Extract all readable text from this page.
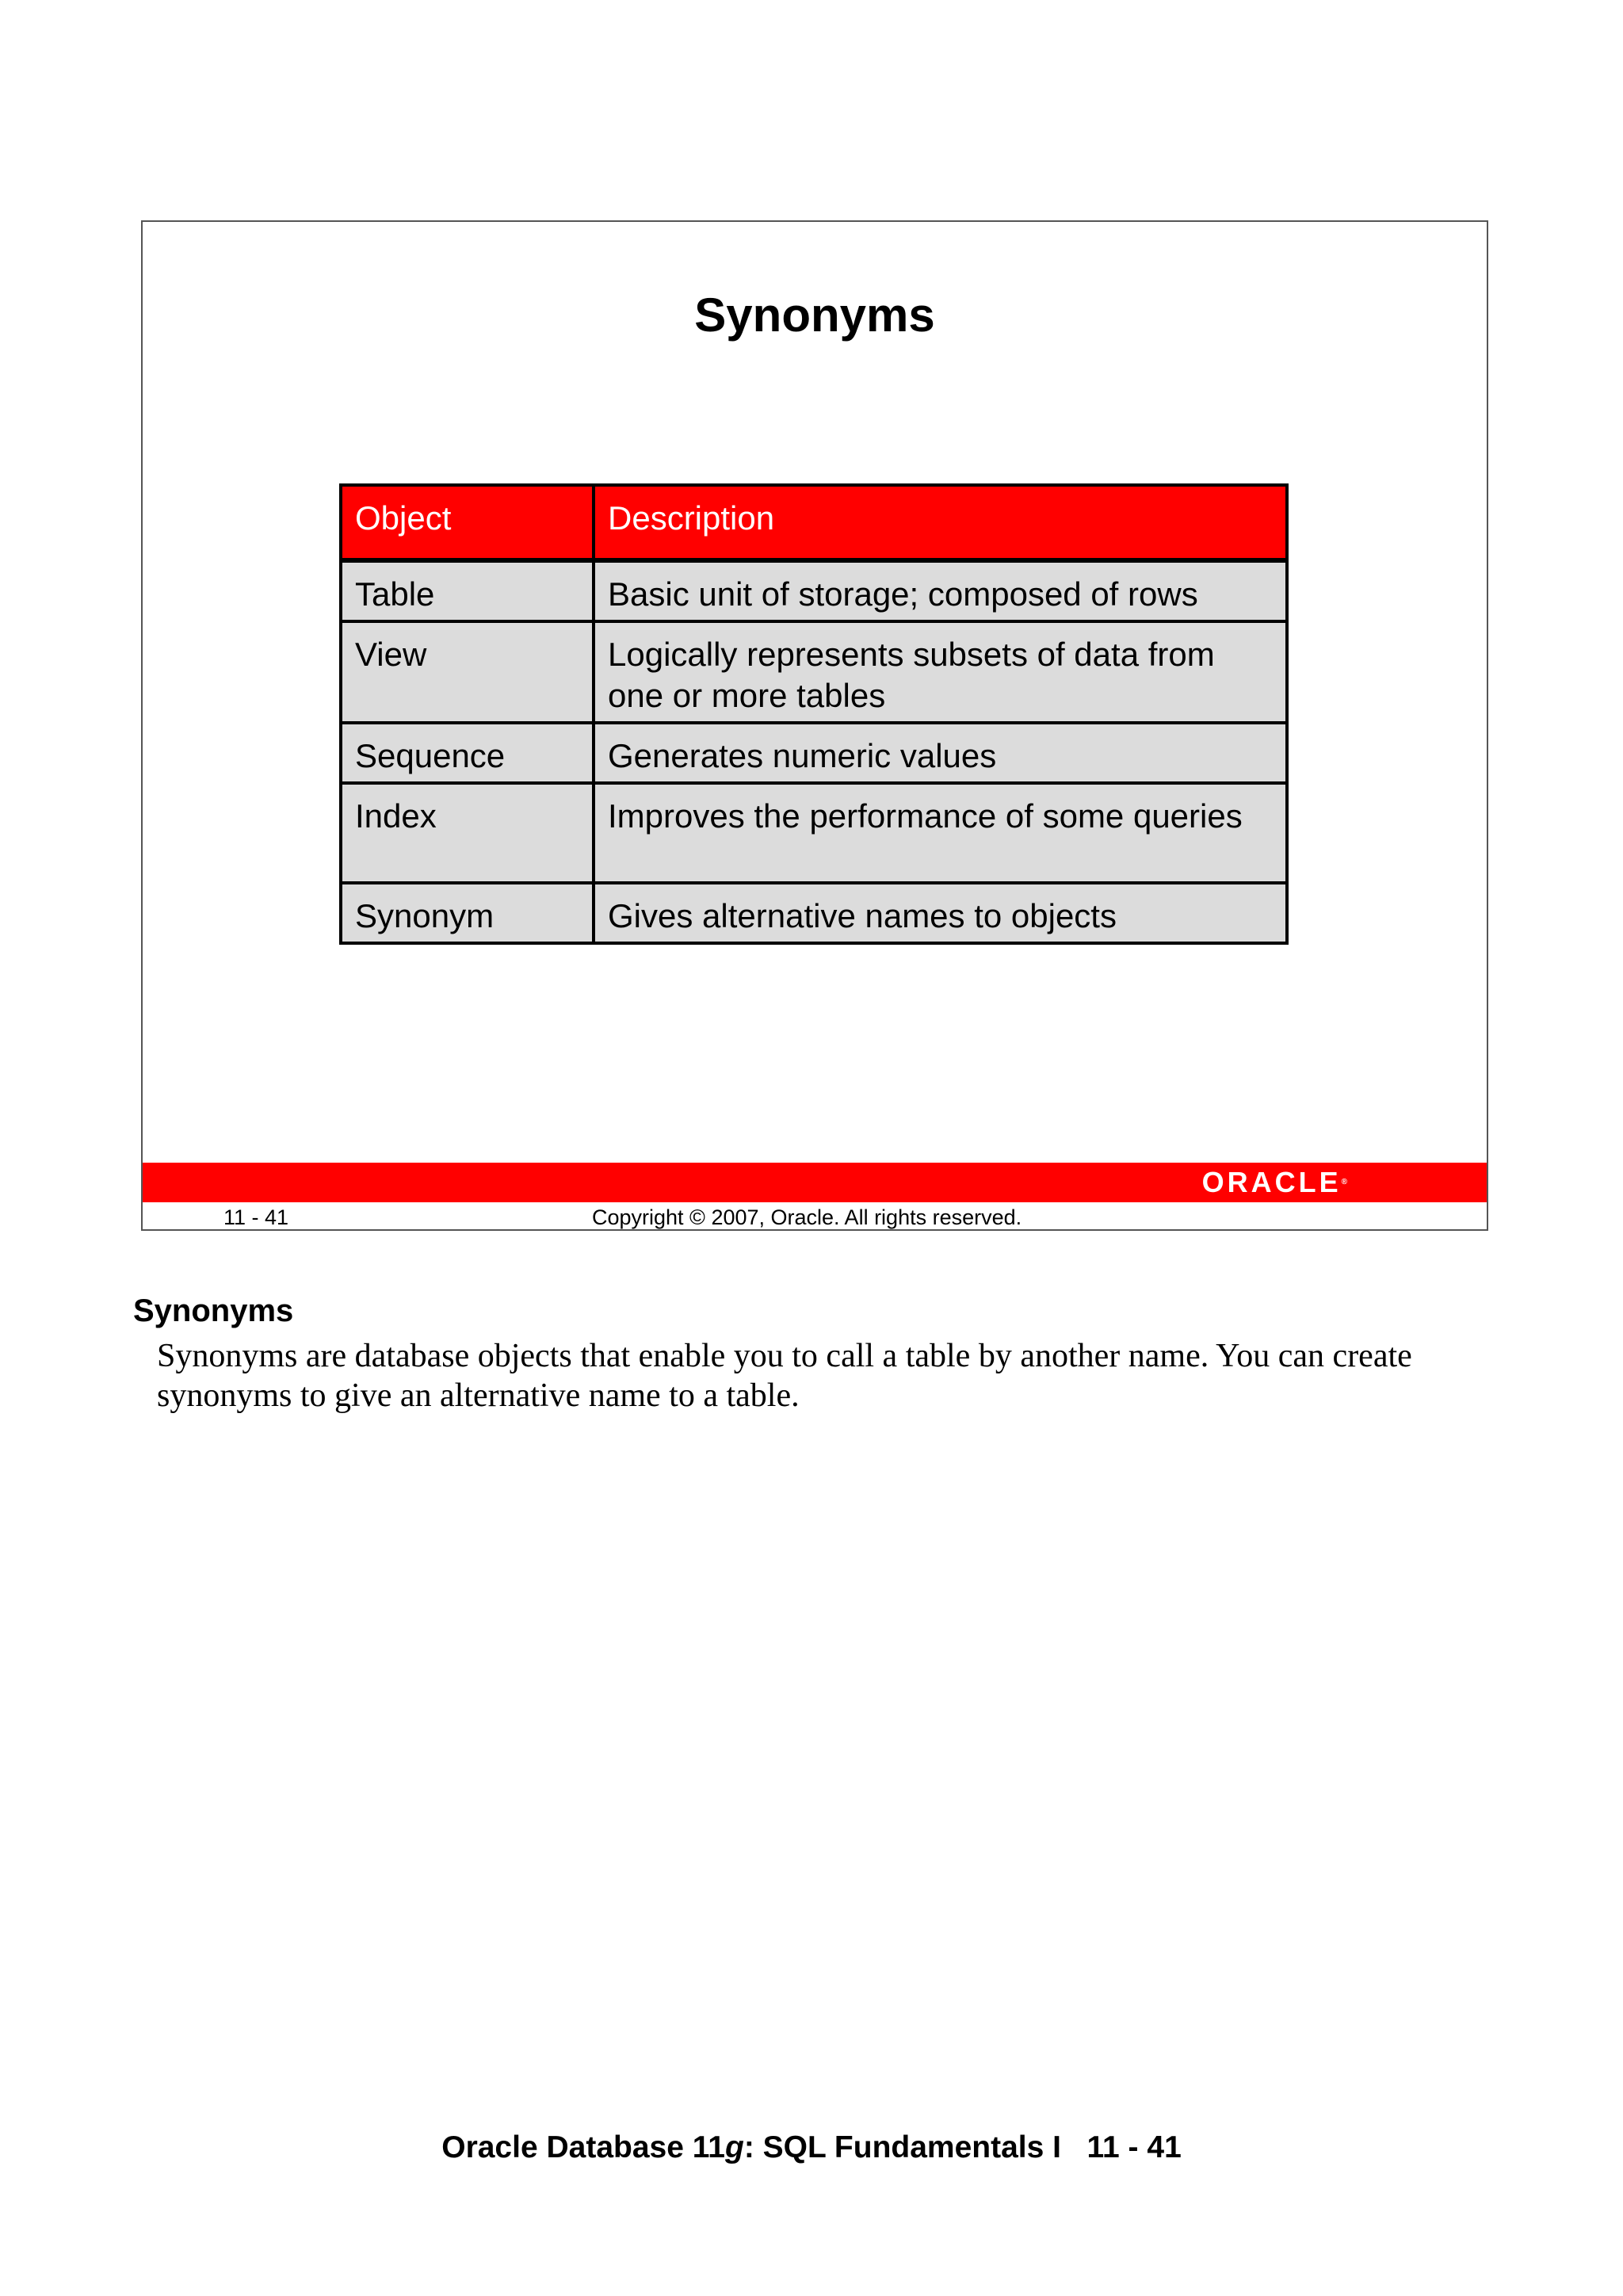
Synonyms
Object	Description
Table	Basic unit of storage; composed of rows
View	Logically represents subsets of data from one or more tables
Sequence	Generates numeric values
Index	Improves the performance of some queries
Synonym	Gives alternative names to objects
ORACLE®
11 - 41	Copyright © 2007, Oracle. All rights reserved.
Synonyms
Synonyms are database objects that enable you to call a table by another name. You can create synonyms to give an alternative name to a table.
Oracle Database 11g: SQL Fundamentals I   11 - 41
